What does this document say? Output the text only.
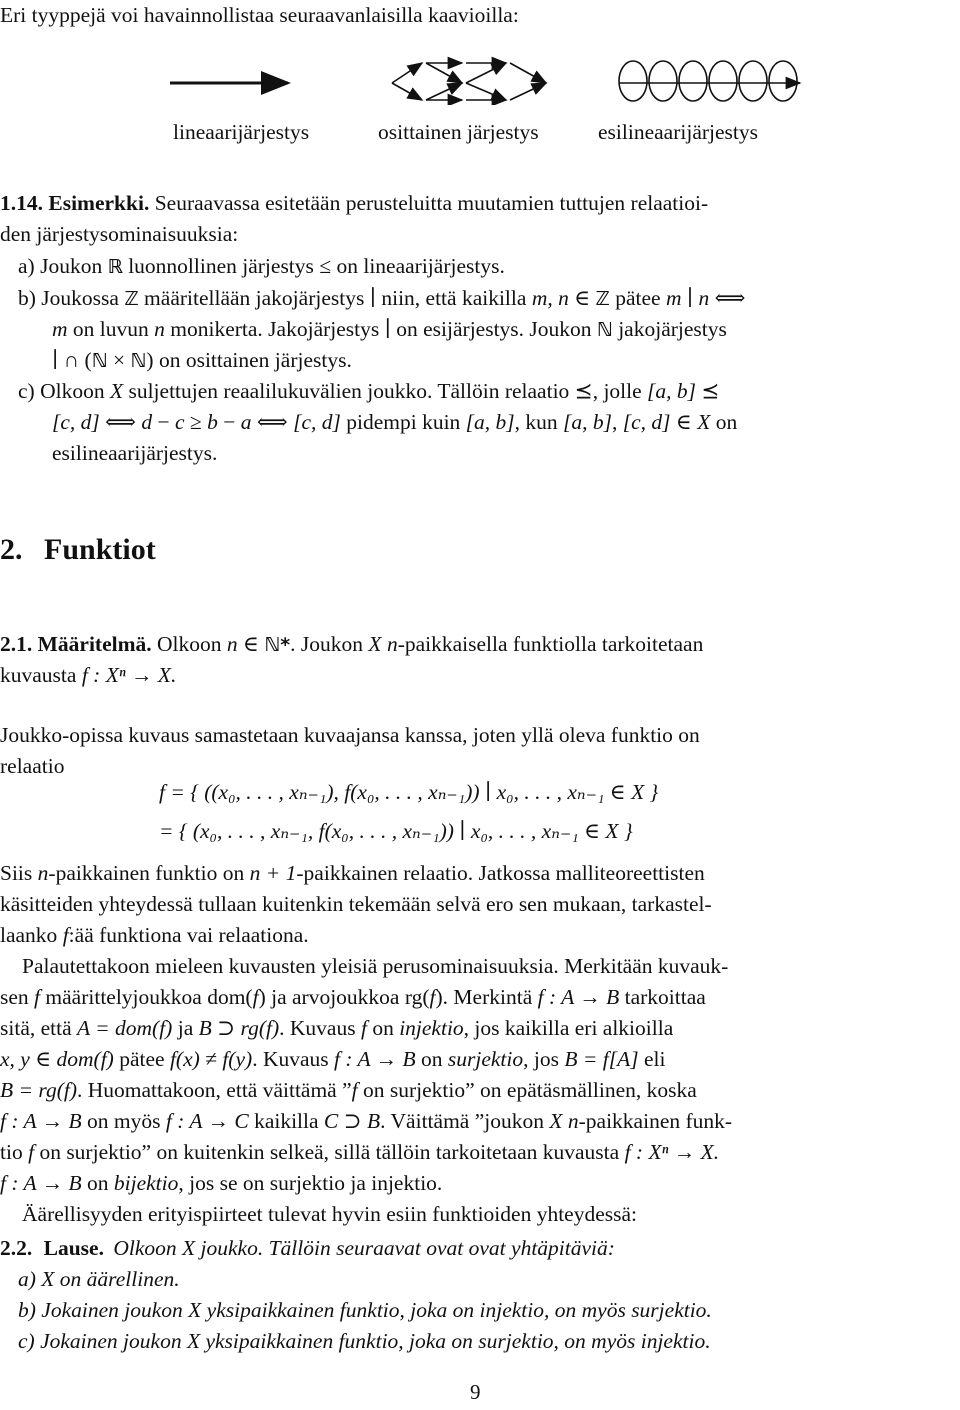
Eri tyyppejä voi havainnollistaa seuraavanlaisilla kaavioilla:
lineaarijärjestys	osittainen järjestys	esilineaarijärjestys
1.14. Esimerkki. Seuraavassa esitetään perusteluitta muutamien tuttujen relaatioi-
den järjestysominaisuuksia:
a) Joukon ℝ luonnollinen järjestys ≤ on lineaarijärjestys.
b) Joukossa ℤ määritellään jakojärjestys ∣ niin, että kaikilla m, n ∈ ℤ pätee m ∣ n ⟺
m on luvun n monikerta. Jakojärjestys ∣ on esijärjestys. Joukon ℕ jakojärjestys
∣ ∩ (ℕ × ℕ) on osittainen järjestys.
c) Olkoon X suljettujen reaalilukuvälien joukko. Tällöin relaatio ⪯, jolle [a, b] ⪯
[c, d] ⟺ d − c ≥ b − a ⟺ [c, d] pidempi kuin [a, b], kun [a, b], [c, d] ∈ X on
esilineaarijärjestys.
2. Funktiot
2.1. Määritelmä. Olkoon n ∈ ℕ*. Joukon X n-paikkaisella funktiolla tarkoitetaan
kuvausta f : Xⁿ → X.
Joukko-opissa kuvaus samastetaan kuvaajansa kanssa, joten yllä oleva funktio on
relaatio
f = { ((x₀, . . . , xₙ₋₁), f(x₀, . . . , xₙ₋₁)) ∣ x₀, . . . , xₙ₋₁ ∈ X }
= { (x₀, . . . , xₙ₋₁, f(x₀, . . . , xₙ₋₁)) ∣ x₀, . . . , xₙ₋₁ ∈ X }
Siis n-paikkainen funktio on n + 1-paikkainen relaatio. Jatkossa malliteoreettisten
käsitteiden yhteydessä tullaan kuitenkin tekemään selvä ero sen mukaan, tarkastel-
laanko f:ää funktiona vai relaationa.
Palautettakoon mieleen kuvausten yleisiä perusominaisuuksia. Merkitään kuvauk-
sen f määrittelyjoukkoa dom(f) ja arvojoukkoa rg(f). Merkintä f : A → B tarkoittaa
sitä, että A = dom(f) ja B ⊃ rg(f). Kuvaus f on injektio, jos kaikilla eri alkioilla
x, y ∈ dom(f) pätee f(x) ≠ f(y). Kuvaus f : A → B on surjektio, jos B = f[A] eli
B = rg(f). Huomattakoon, että väittämä ”f on surjektio” on epätäsmällinen, koska
f : A → B on myös f : A → C kaikilla C ⊃ B. Väittämä ”joukon X n-paikkainen funk-
tio f on surjektio” on kuitenkin selkeä, sillä tällöin tarkoitetaan kuvausta f : Xⁿ → X.
f : A → B on bijektio, jos se on surjektio ja injektio.
Äärellisyyden erityispiirteet tulevat hyvin esiin funktioiden yhteydessä:
2.2. Lause. Olkoon X joukko. Tällöin seuraavat ovat ovat yhtäpitäviä:
a) X on äärellinen.
b) Jokainen joukon X yksipaikkainen funktio, joka on injektio, on myös surjektio.
c) Jokainen joukon X yksipaikkainen funktio, joka on surjektio, on myös injektio.
9
